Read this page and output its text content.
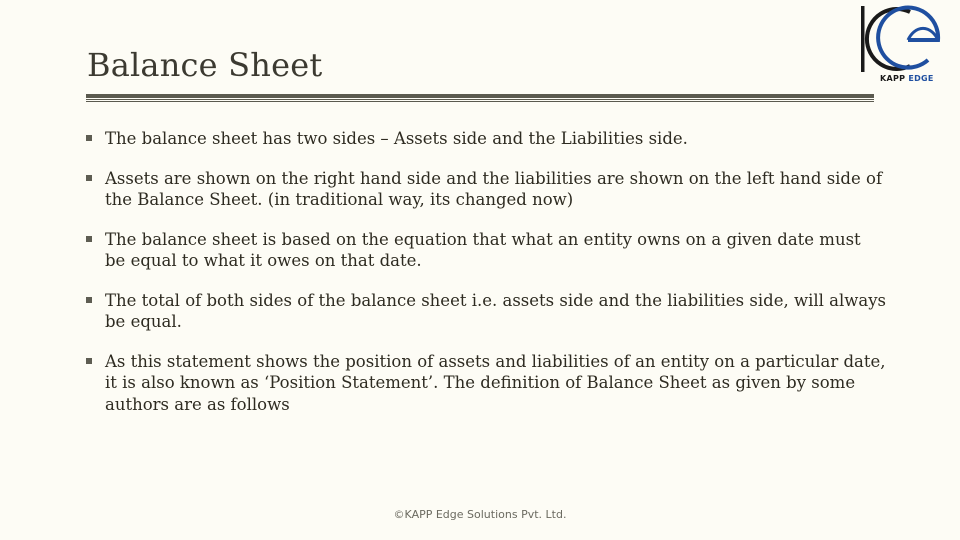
Balance Sheet	KAPP EDGE
The balance sheet has two sides – Assets side and the Liabilities side.
Assets are shown on the right hand side and the liabilities are shown on the left hand side of the Balance Sheet. (in traditional way, its changed now)
The balance sheet is based on the equation that what an entity owns on a given date must be equal to what it owes on that date.
The total of both sides of the balance sheet i.e. assets side and the liabilities side, will always be equal.
As this statement shows the position of assets and liabilities of an entity on a particular date, it is also known as ‘Position Statement’. The definition of Balance Sheet as given by some authors are as follows
©KAPP Edge Solutions Pvt. Ltd.
